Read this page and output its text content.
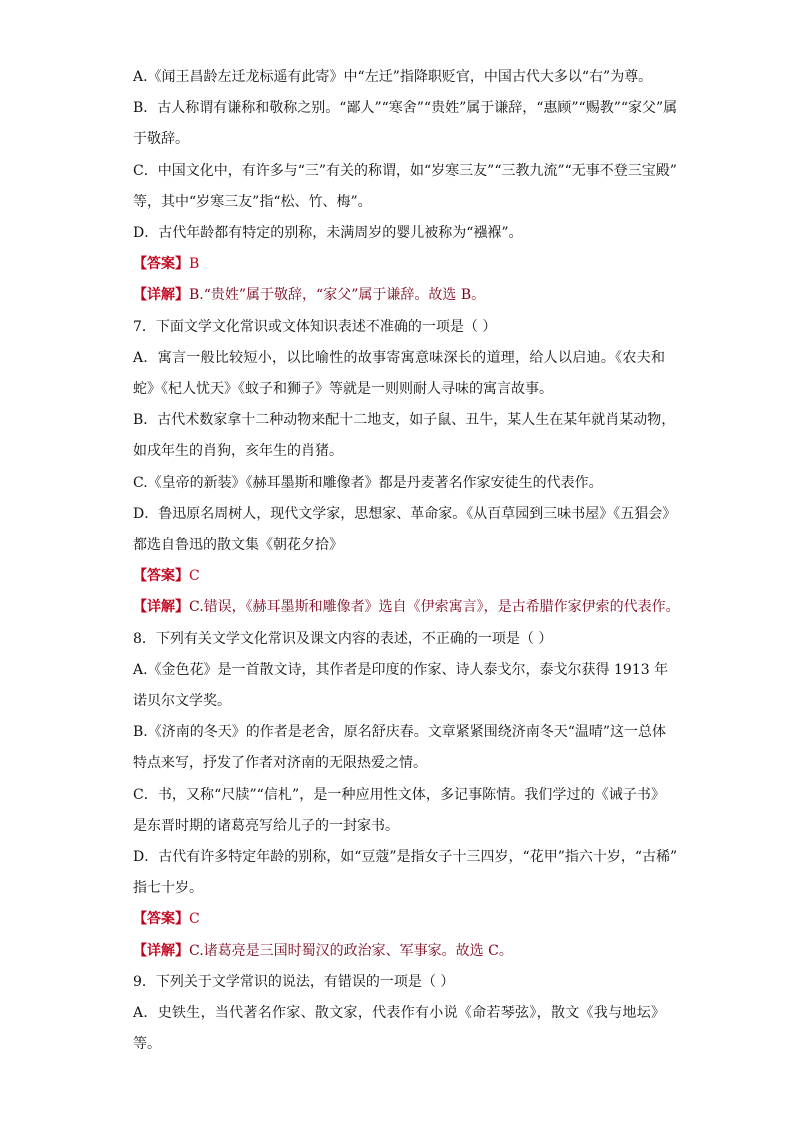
A.《闻王昌龄左迁龙标遥有此寄》中“左迁”指降职贬官，中国古代大多以“右”为尊。

B．古人称谓有谦称和敬称之别。“鄙人”“寒舍”“贵姓”属于谦辞，“惠顾”“赐教”“家父”属

于敬辞。

C．中国文化中，有许多与“三”有关的称谓，如“岁寒三友”“三教九流”“无事不登三宝殿”

等，其中“岁寒三友”指“松、竹、梅”。

D．古代年龄都有特定的别称，未满周岁的婴儿被称为“襁褓”。

【答案】B

【详解】B.“贵姓”属于敬辞，“家父”属于谦辞。故选 B。

7．下面文学文化常识或文体知识表述不准确的一项是（ ）

A．寓言一般比较短小，以比喻性的故事寄寓意味深长的道理，给人以启迪。《农夫和

蛇》《杞人忧天》《蚊子和狮子》等就是一则则耐人寻味的寓言故事。

B．古代术数家拿十二种动物来配十二地支，如子鼠、丑牛，某人生在某年就肖某动物，

如戌年生的肖狗，亥年生的肖猪。

C.《皇帝的新装》《赫耳墨斯和雕像者》都是丹麦著名作家安徒生的代表作。

D．鲁迅原名周树人，现代文学家，思想家、革命家。《从百草园到三味书屋》《五猖会》

都选自鲁迅的散文集《朝花夕拾》

【答案】C

【详解】C.错误，《赫耳墨斯和雕像者》选自《伊索寓言》，是古希腊作家伊索的代表作。

8．下列有关文学文化常识及课文内容的表述，不正确的一项是（ ）

A.《金色花》是一首散文诗，其作者是印度的作家、诗人泰戈尔，泰戈尔获得 1913 年

诺贝尔文学奖。

B.《济南的冬天》的作者是老舍，原名舒庆春。文章紧紧围绕济南冬天“温晴”这一总体

特点来写，抒发了作者对济南的无限热爱之情。

C．书，又称“尺牍”“信札”，是一种应用性文体，多记事陈情。我们学过的《诫子书》

是东晋时期的诸葛亮写给儿子的一封家书。

D．古代有许多特定年龄的别称，如“豆蔻”是指女子十三四岁，“花甲”指六十岁，“古稀”

指七十岁。

【答案】C

【详解】C.诸葛亮是三国时蜀汉的政治家、军事家。故选 C。

9．下列关于文学常识的说法，有错误的一项是（ ）

A．史铁生，当代著名作家、散文家，代表作有小说《命若琴弦》，散文《我与地坛》

等。
